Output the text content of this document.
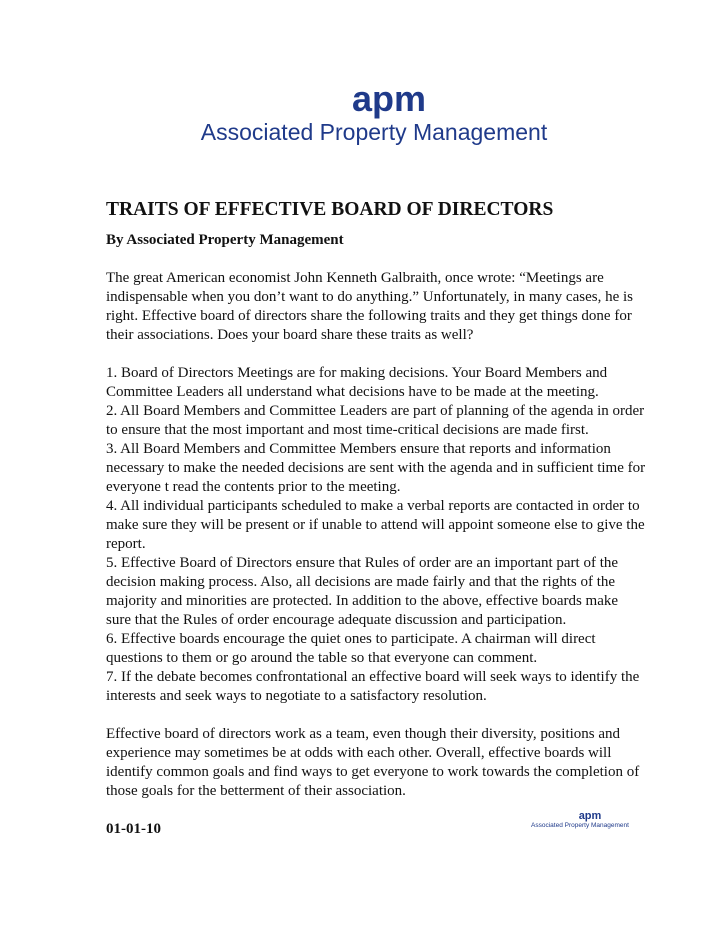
apm
Associated Property Management
TRAITS OF EFFECTIVE BOARD OF DIRECTORS
By Associated Property Management
The great American economist John Kenneth Galbraith, once wrote: “Meetings are
indispensable when you don’t want to do anything.” Unfortunately, in many cases, he is
right. Effective board of directors share the following traits and they get things done for
their associations. Does your board share these traits as well?
1. Board of Directors Meetings are for making decisions. Your Board Members and
Committee Leaders all understand what decisions have to be made at the meeting.
2. All Board Members and Committee Leaders are part of planning of the agenda in order
to ensure that the most important and most time-critical decisions are made first.
3. All Board Members and Committee Members ensure that reports and information
necessary to make the needed decisions are sent with the agenda and in sufficient time for
everyone t read the contents prior to the meeting.
4. All individual participants scheduled to make a verbal reports are contacted in order to
make sure they will be present or if unable to attend will appoint someone else to give the
report.
5. Effective Board of Directors ensure that Rules of order are an important part of the
decision making process. Also, all decisions are made fairly and that the rights of the
majority and minorities are protected. In addition to the above, effective boards make
sure that the Rules of order encourage adequate discussion and participation.
6. Effective boards encourage the quiet ones to participate. A chairman will direct
questions to them or go around the table so that everyone can comment.
7. If the debate becomes confrontational an effective board will seek ways to identify the
interests and seek ways to negotiate to a satisfactory resolution.
Effective board of directors work as a team, even though their diversity, positions and
experience may sometimes be at odds with each other. Overall, effective boards will
identify common goals and find ways to get everyone to work towards the completion of
those goals for the betterment of their association.
01-01-10
apm
Associated Property Management
